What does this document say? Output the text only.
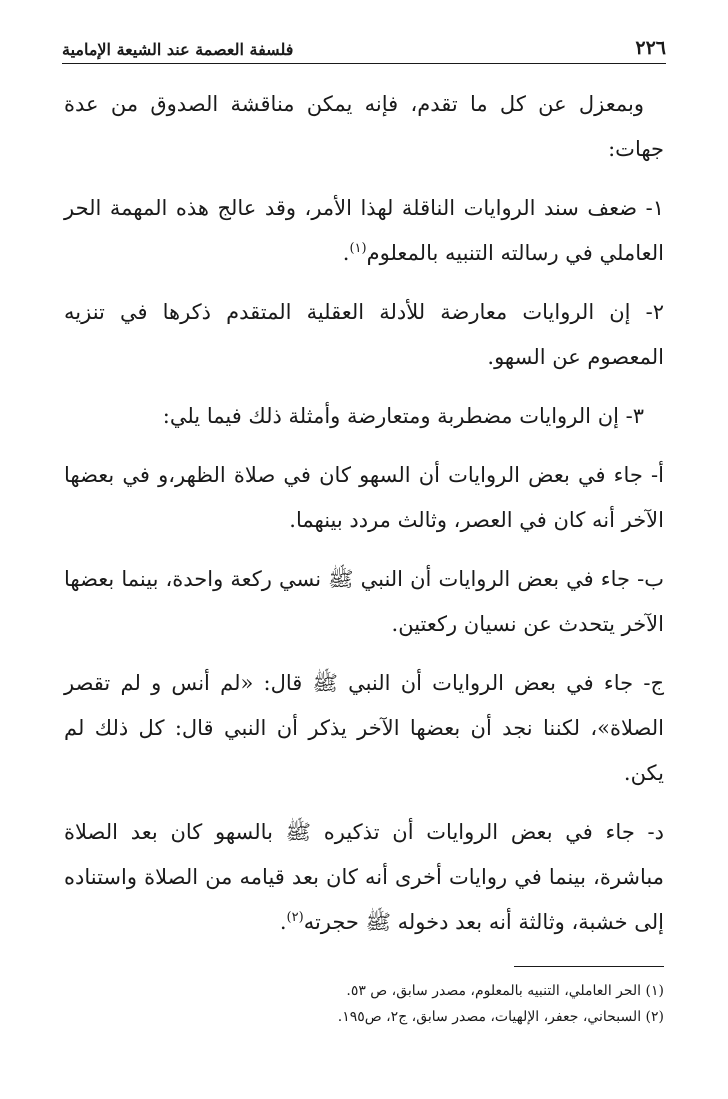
٢٢٦
فلسفة العصمة عند الشيعة الإمامية

وبمعزل عن كل ما تقدم، فإنه يمكن مناقشة الصدوق من عدة جهات:

١- ضعف سند الروايات الناقلة لهذا الأمر، وقد عالج هذه المهمة الحر العاملي في رسالته التنبيه بالمعلوم$^{(١)}$.

٢- إن الروايات معارضة للأدلة العقلية المتقدم ذكرها في تنزيه المعصوم عن السهو.

٣- إن الروايات مضطربة ومتعارضة وأمثلة ذلك فيما يلي:

أ- جاء في بعض الروايات أن السهو كان في صلاة الظهر،و في بعضها الآخر أنه كان في العصر، وثالث مردد بينهما.

ب- جاء في بعض الروايات أن النبي ﷺ نسي ركعة واحدة، بينما بعضها الآخر يتحدث عن نسيان ركعتين.

ج- جاء في بعض الروايات أن النبي ﷺ قال: «لم أنس و لم تقصر الصلاة»، لكننا نجد أن بعضها الآخر يذكر أن النبي قال: كل ذلك لم يكن.

د- جاء في بعض الروايات أن تذكيره ﷺ بالسهو كان بعد الصلاة مباشرة، بينما في روايات أخرى أنه كان بعد قيامه من الصلاة واستناده إلى خشبة، وثالثة أنه بعد دخوله ﷺ حجرته$^{(٢)}$.

(١) الحر العاملي، التنبيه بالمعلوم، مصدر سابق، ص ٥٣.

(٢) السبحاني، جعفر، الإلهيات، مصدر سابق، ج٢، ص١٩٥.
